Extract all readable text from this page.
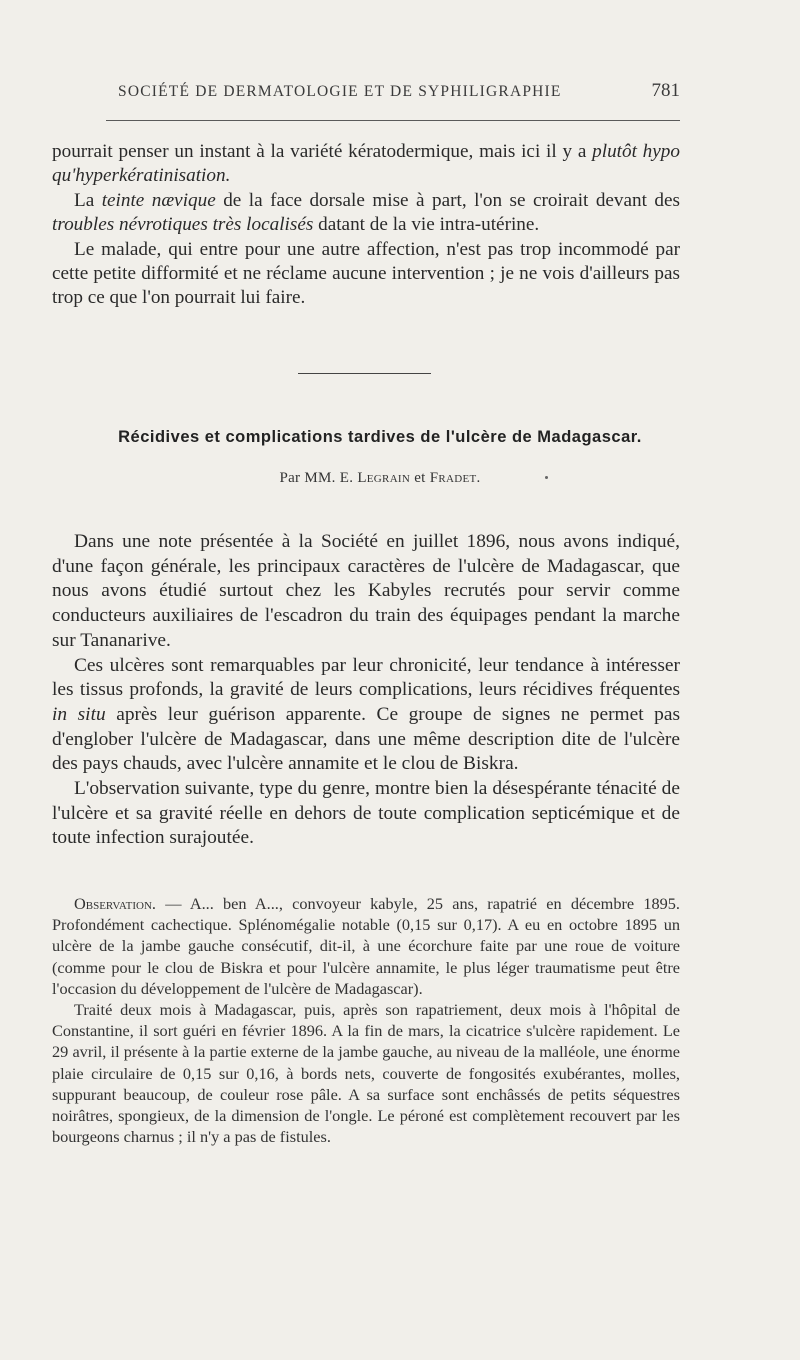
SOCIÉTÉ DE DERMATOLOGIE ET DE SYPHILIGRAPHIE	781

pourrait penser un instant à la variété kératodermique, mais ici il y a plutôt hypo qu'hyperkératinisation.

La teinte nævique de la face dorsale mise à part, l'on se croirait devant des troubles névrotiques très localisés datant de la vie intra-utérine.

Le malade, qui entre pour une autre affection, n'est pas trop incommodé par cette petite difformité et ne réclame aucune intervention ; je ne vois d'ailleurs pas trop ce que l'on pourrait lui faire.

Récidives et complications tardives de l'ulcère de Madagascar.
Par MM. E. Legrain et Fradet.

Dans une note présentée à la Société en juillet 1896, nous avons indiqué, d'une façon générale, les principaux caractères de l'ulcère de Madagascar, que nous avons étudié surtout chez les Kabyles recrutés pour servir comme conducteurs auxiliaires de l'escadron du train des équipages pendant la marche sur Tananarive.

Ces ulcères sont remarquables par leur chronicité, leur tendance à intéresser les tissus profonds, la gravité de leurs complications, leurs récidives fréquentes in situ après leur guérison apparente. Ce groupe de signes ne permet pas d'englober l'ulcère de Madagascar, dans une même description dite de l'ulcère des pays chauds, avec l'ulcère annamite et le clou de Biskra.

L'observation suivante, type du genre, montre bien la désespérante ténacité de l'ulcère et sa gravité réelle en dehors de toute complication septicémique et de toute infection surajoutée.

Observation. — A... ben A..., convoyeur kabyle, 25 ans, rapatrié en décembre 1895. Profondément cachectique. Splénomégalie notable (0,15 sur 0,17). A eu en octobre 1895 un ulcère de la jambe gauche consécutif, dit-il, à une écorchure faite par une roue de voiture (comme pour le clou de Biskra et pour l'ulcère annamite, le plus léger traumatisme peut être l'occasion du développement de l'ulcère de Madagascar).

Traité deux mois à Madagascar, puis, après son rapatriement, deux mois à l'hôpital de Constantine, il sort guéri en février 1896. A la fin de mars, la cicatrice s'ulcère rapidement. Le 29 avril, il présente à la partie externe de la jambe gauche, au niveau de la malléole, une énorme plaie circulaire de 0,15 sur 0,16, à bords nets, couverte de fongosités exubérantes, molles, suppurant beaucoup, de couleur rose pâle. A sa surface sont enchâssés de petits séquestres noirâtres, spongieux, de la dimension de l'ongle. Le péroné est complètement recouvert par les bourgeons charnus ; il n'y a pas de fistules.
